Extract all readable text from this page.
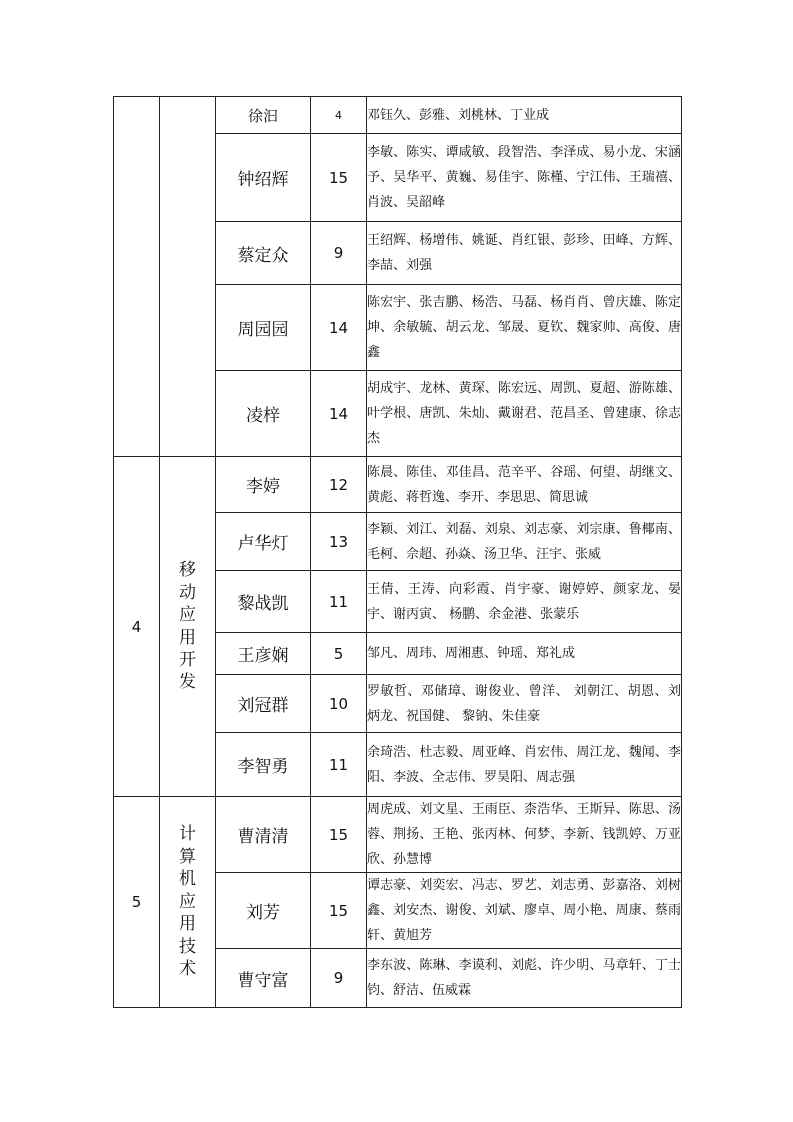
		徐汩	4	邓钰久、彭雅、刘桃林、丁业成
		钟绍辉	15	李敏、陈实、谭咸敏、段智浩、李泽成、易小龙、宋涵予、吴华平、黄巍、易佳宇、陈槿、宁江伟、王瑞禧、肖波、吴韶峰
		蔡定众	9	王绍辉、杨增伟、姚诞、肖红银、彭珍、田峰、方辉、李喆、刘强
		周园园	14	陈宏宇、张吉鹏、杨浩、马磊、杨肖肖、曾庆雄、陈定坤、余敏毓、胡云龙、邹晟、夏钦、魏家帅、高俊、唐鑫
		凌梓	14	胡成宇、龙林、黄琛、陈宏远、周凯、夏超、游陈雄、叶学根、唐凯、朱灿、戴谢君、范昌圣、曾建康、徐志杰
4	移动应用开发	李婷	12	陈晨、陈佳、邓佳昌、范辛平、谷瑶、何望、胡继文、黄彪、蒋哲逸、李开、李思思、简思诚
		卢华灯	13	李颖、刘江、刘磊、刘泉、刘志豪、刘宗康、鲁椰南、毛柯、佘超、孙焱、汤卫华、汪宇、张威
		黎战凯	11	王倩、王涛、向彩霞、肖宇豪、谢婷婷、颜家龙、晏宇、谢丙寅、 杨鹏、余金港、张蒙乐
		王彦娴	5	邹凡、周玮、周湘惠、钟瑶、郑礼成
		刘冠群	10	罗敏哲、邓储璋、谢俊业、曾洋、 刘朝江、胡恩、刘炳龙、祝国健、 黎钠、朱佳豪
		李智勇	11	余琦浩、杜志毅、周亚峰、肖宏伟、周江龙、魏闻、李阳、李波、全志伟、罗昊阳、周志强
5	计算机应用技术	曹清清	15	周虎成、刘文星、王雨臣、柰浩华、王斯异、陈思、汤蓉、荆扬、王艳、张丙林、何梦、李新、钱凯婷、万亚欣、孙慧博
		刘芳	15	谭志豪、刘奕宏、冯志、罗艺、刘志勇、彭嘉洛、刘树鑫、刘安杰、谢俊、刘斌、廖卓、周小艳、周康、蔡雨轩、黄旭芳
		曹守富	9	李东波、陈琳、李谟利、刘彪、许少明、马章轩、丁士钧、舒洁、伍威霖
